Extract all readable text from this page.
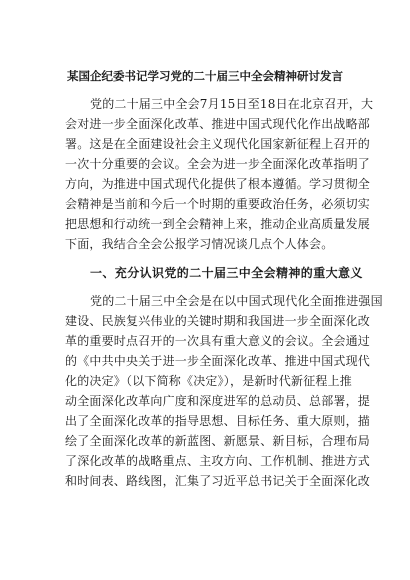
某国企纪委书记学习党的二十届三中全会精神研讨发言
党的二十届三中全会7月15日至18日在北京召开，大
会对进一步全面深化改革、推进中国式现代化作出战略部
署。这是在全面建设社会主义现代化国家新征程上召开的
一次十分重要的会议。全会为进一步全面深化改革指明了
方向，为推进中国式现代化提供了根本遵循。学习贯彻全
会精神是当前和今后一个时期的重要政治任务，必须切实
把思想和行动统一到全会精神上来，推动企业高质量发展
下面，我结合全会公报学习情况谈几点个人体会。
一、充分认识党的二十届三中全会精神的重大意义
党的二十届三中全会是在以中国式现代化全面推进强国
建设、民族复兴伟业的关键时期和我国进一步全面深化改
革的重要时点召开的一次具有重大意义的会议。全会通过
的《中共中央关于进一步全面深化改革、推进中国式现代
化的决定》（以下简称《决定》），是新时代新征程上推
动全面深化改革向广度和深度进军的总动员、总部署，提
出了全面深化改革的指导思想、目标任务、重大原则，描
绘了全面深化改革的新蓝图、新愿景、新目标，合理布局
了深化改革的战略重点、主攻方向、工作机制、推进方式
和时间表、路线图，汇集了习近平总书记关于全面深化改
